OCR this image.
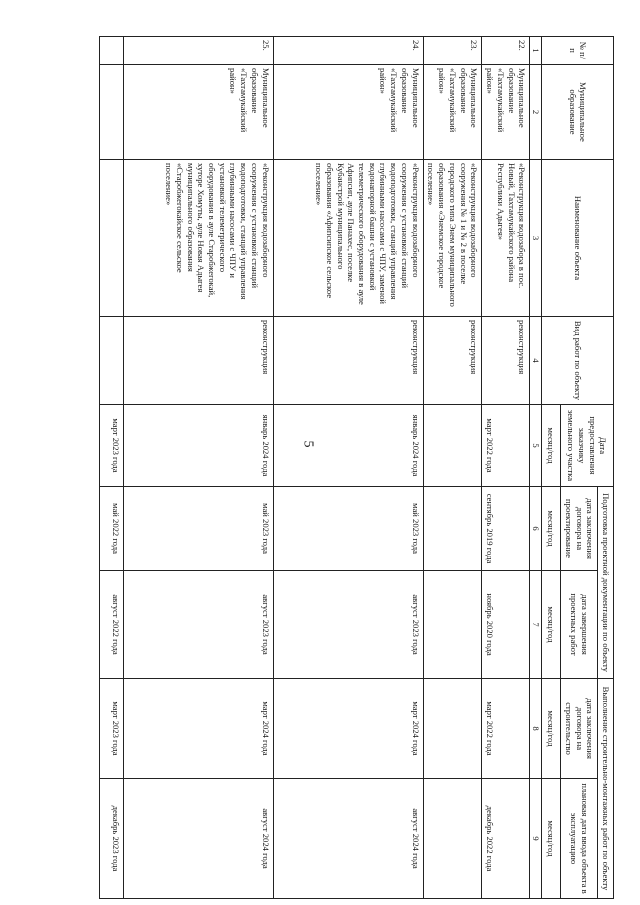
5
№ п/п	Муниципальное образование	Наименование объекта	Вид работ по объекту	Дата предоставления заказчику земельного участка	Подготовка проектной документации по объекту		Выполнение строительно-монтажных работ по объекту	
					дата заключения договора на проектирование	дата завершения проектных работ	дата заключения договора на строительство	плановая дата ввода объекта в эксплуатацию
				месяц/год	месяц/год	месяц/год	месяц/год	месяц/год
1	2	3	4	5	6	7	8	9
22.	Муниципальное образование «Тахтамукайский район»	«Реконструкция водозабора в пос. Новый, Тахтамукайского района Республики Адыгея»	реконструкция	март 2022 года	сентябрь 2019 года	ноябрь 2020 года	март 2022 года	декабрь 2022 года
23.	Муниципальное образование «Тахтамукайский район»	«Реконструкция водозаборного сооружения № 1 и № 2 в поселке городского типа Энем муниципального образования «Энемское городское поселение»	реконструкция					
24.	Муниципальное образование «Тахтамукайский район»	«Реконструкция водозаборного сооружения с установкой станций водоподготовки, станций управления глубинными насосами с ЧПУ, заменой водонапорной башни с установкой телеметрического оборудования в ауле Афипсип, ауле Панахес, поселке Кубанстрой муниципального образования «Афипсипское сельское поселение»	реконструкция	январь 2024 года	май 2023 года	август 2023 года	март 2024 года	август 2024 года
25.	Муниципальное образование «Тахтамукайский район»	«Реконструкция водозаборного сооружения с установкой станций водоподготовки, станций управления глубинными насосами с ЧПУ и установкой телеметрического оборудования в ауле Старобжегокай, хуторе Хомуты, ауле Новая Адыгея муниципального образования «Старобжегокайское сельское поселение»	реконструкция	январь 2024 года	май 2023 года	август 2023 года	март 2024 года	август 2024 года
				март 2023 года	май 2022 года	август 2022 года	март 2023 года	декабрь 2023 года
